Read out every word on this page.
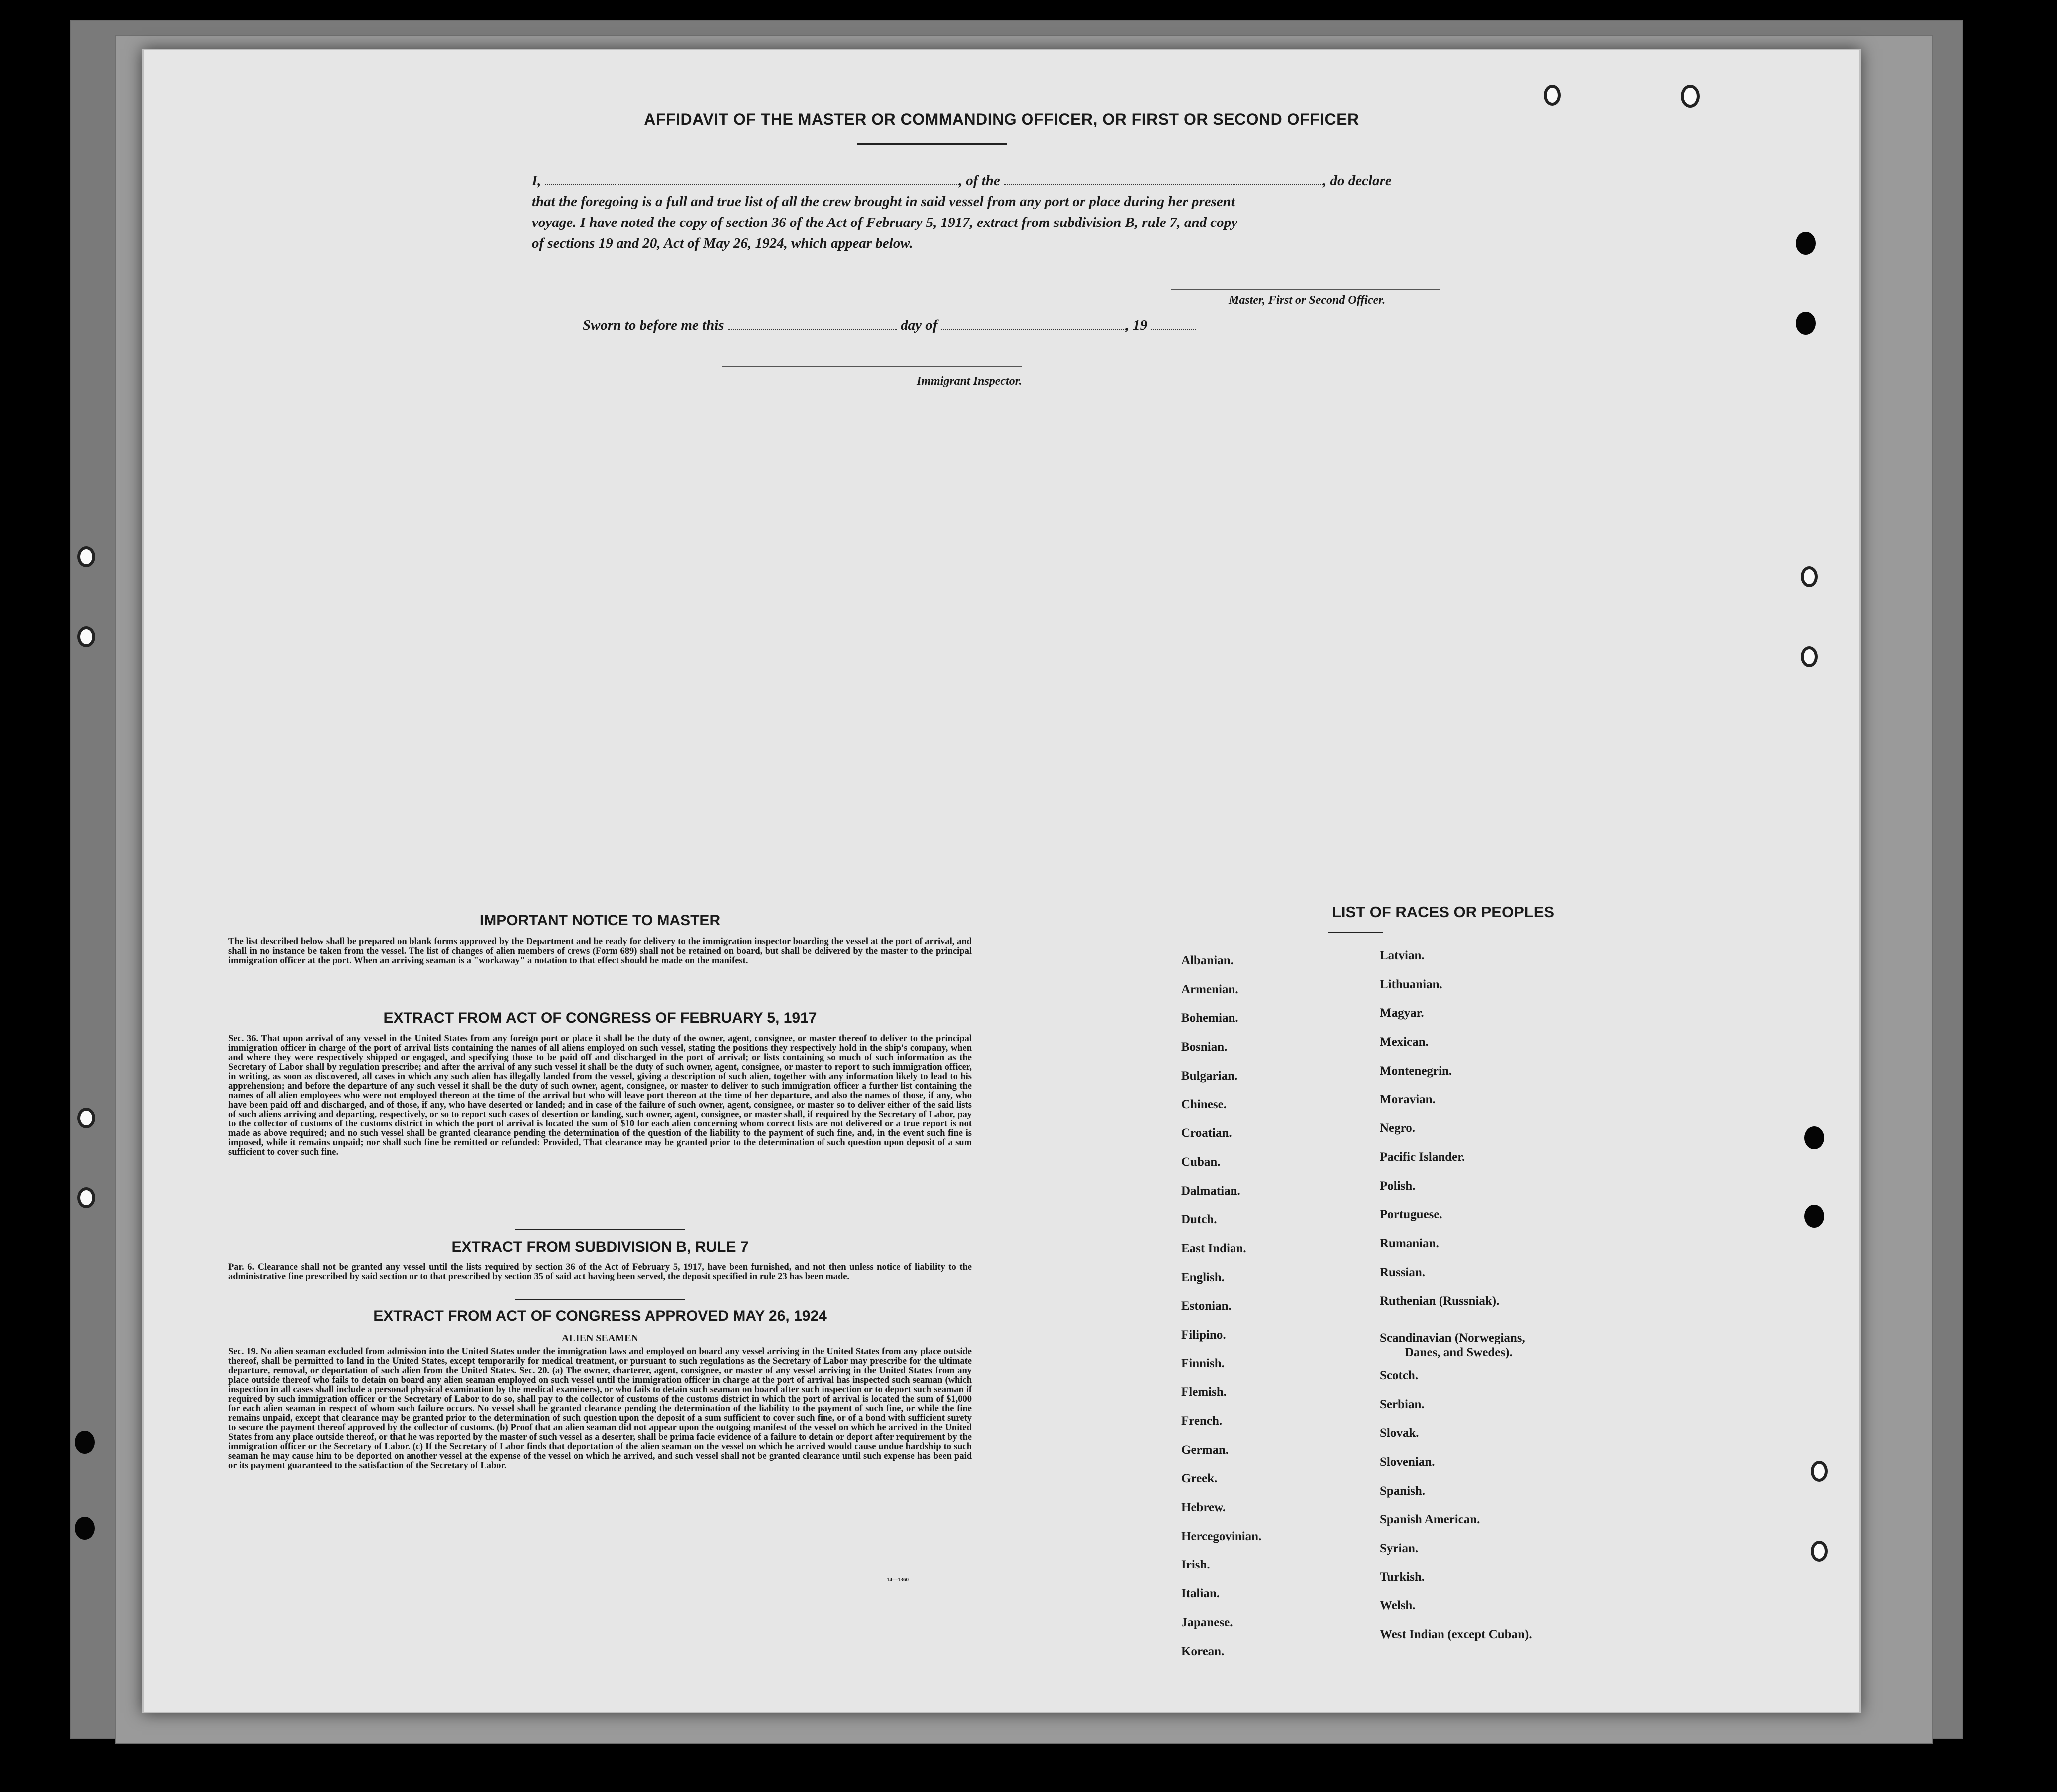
AFFIDAVIT OF THE MASTER OR COMMANDING OFFICER, OR FIRST OR SECOND OFFICER
I,	, of the	, do declare
that the foregoing is a full and true list of all the crew brought in said vessel from any port or place during her present
voyage. I have noted the copy of section 36 of the Act of February 5, 1917, extract from subdivision B, rule 7, and copy
of sections 19 and 20, Act of May 26, 1924, which appear below.
Master, First or Second Officer.
Sworn to before me this	day of	, 19
Immigrant Inspector.
IMPORTANT NOTICE TO MASTER
The list described below shall be prepared on blank forms approved by the Department and be ready for delivery to the immigration inspector boarding the vessel at the port of arrival, and shall in no instance be taken from the vessel. The list of changes of alien members of crews (Form 689) shall not be retained on board, but shall be delivered by the master to the principal immigration officer at the port. When an arriving seaman is a "workaway" a notation to that effect should be made on the manifest.
EXTRACT FROM ACT OF CONGRESS OF FEBRUARY 5, 1917
Sec. 36. That upon arrival of any vessel in the United States from any foreign port or place it shall be the duty of the owner, agent, consignee, or master thereof to deliver to the principal immigration officer in charge of the port of arrival lists containing the names of all aliens employed on such vessel, stating the positions they respectively hold in the ship's company, when and where they were respectively shipped or engaged, and specifying those to be paid off and discharged in the port of arrival; or lists containing so much of such information as the Secretary of Labor shall by regulation prescribe; and after the arrival of any such vessel it shall be the duty of such owner, agent, consignee, or master to report to such immigration officer, in writing, as soon as discovered, all cases in which any such alien has illegally landed from the vessel, giving a description of such alien, together with any information likely to lead to his apprehension; and before the departure of any such vessel it shall be the duty of such owner, agent, consignee, or master to deliver to such immigration officer a further list containing the names of all alien employees who were not employed thereon at the time of the arrival but who will leave port thereon at the time of her departure, and also the names of those, if any, who have been paid off and discharged, and of those, if any, who have deserted or landed; and in case of the failure of such owner, agent, consignee, or master so to deliver either of the said lists of such aliens arriving and departing, respectively, or so to report such cases of desertion or landing, such owner, agent, consignee, or master shall, if required by the Secretary of Labor, pay to the collector of customs of the customs district in which the port of arrival is located the sum of $10 for each alien concerning whom correct lists are not delivered or a true report is not made as above required; and no such vessel shall be granted clearance pending the determination of the question of the liability to the payment of such fine, and, in the event such fine is imposed, while it remains unpaid; nor shall such fine be remitted or refunded: Provided, That clearance may be granted prior to the determination of such question upon deposit of a sum sufficient to cover such fine.
EXTRACT FROM SUBDIVISION B, RULE 7
Par. 6. Clearance shall not be granted any vessel until the lists required by section 36 of the Act of February 5, 1917, have been furnished, and not then unless notice of liability to the administrative fine prescribed by said section or to that prescribed by section 35 of said act having been served, the deposit specified in rule 23 has been made.
EXTRACT FROM ACT OF CONGRESS APPROVED MAY 26, 1924
ALIEN SEAMEN
Sec. 19. No alien seaman excluded from admission into the United States under the immigration laws and employed on board any vessel arriving in the United States from any place outside thereof, shall be permitted to land in the United States, except temporarily for medical treatment, or pursuant to such regulations as the Secretary of Labor may prescribe for the ultimate departure, removal, or deportation of such alien from the United States. Sec. 20. (a) The owner, charterer, agent, consignee, or master of any vessel arriving in the United States from any place outside thereof who fails to detain on board any alien seaman employed on such vessel until the immigration officer in charge at the port of arrival has inspected such seaman (which inspection in all cases shall include a personal physical examination by the medical examiners), or who fails to detain such seaman on board after such inspection or to deport such seaman if required by such immigration officer or the Secretary of Labor to do so, shall pay to the collector of customs of the customs district in which the port of arrival is located the sum of $1,000 for each alien seaman in respect of whom such failure occurs. No vessel shall be granted clearance pending the determination of the liability to the payment of such fine, or while the fine remains unpaid, except that clearance may be granted prior to the determination of such question upon the deposit of a sum sufficient to cover such fine, or of a bond with sufficient surety to secure the payment thereof approved by the collector of customs. (b) Proof that an alien seaman did not appear upon the outgoing manifest of the vessel on which he arrived in the United States from any place outside thereof, or that he was reported by the master of such vessel as a deserter, shall be prima facie evidence of a failure to detain or deport after requirement by the immigration officer or the Secretary of Labor. (c) If the Secretary of Labor finds that deportation of the alien seaman on the vessel on which he arrived would cause undue hardship to such seaman he may cause him to be deported on another vessel at the expense of the vessel on which he arrived, and such vessel shall not be granted clearance until such expense has been paid or its payment guaranteed to the satisfaction of the Secretary of Labor.
14—1360
LIST OF RACES OR PEOPLES
Albanian.
Armenian.
Bohemian.
Bosnian.
Bulgarian.
Chinese.
Croatian.
Cuban.
Dalmatian.
Dutch.
East Indian.
English.
Estonian.
Filipino.
Finnish.
Flemish.
French.
German.
Greek.
Hebrew.
Hercegovinian.
Irish.
Italian.
Japanese.
Korean.
Latvian.
Lithuanian.
Magyar.
Mexican.
Montenegrin.
Moravian.
Negro.
Pacific Islander.
Polish.
Portuguese.
Rumanian.
Russian.
Ruthenian (Russniak).
Scandinavian (Norwegians,
Danes, and Swedes).
Scotch.
Serbian.
Slovak.
Slovenian.
Spanish.
Spanish American.
Syrian.
Turkish.
Welsh.
West Indian (except Cuban).
